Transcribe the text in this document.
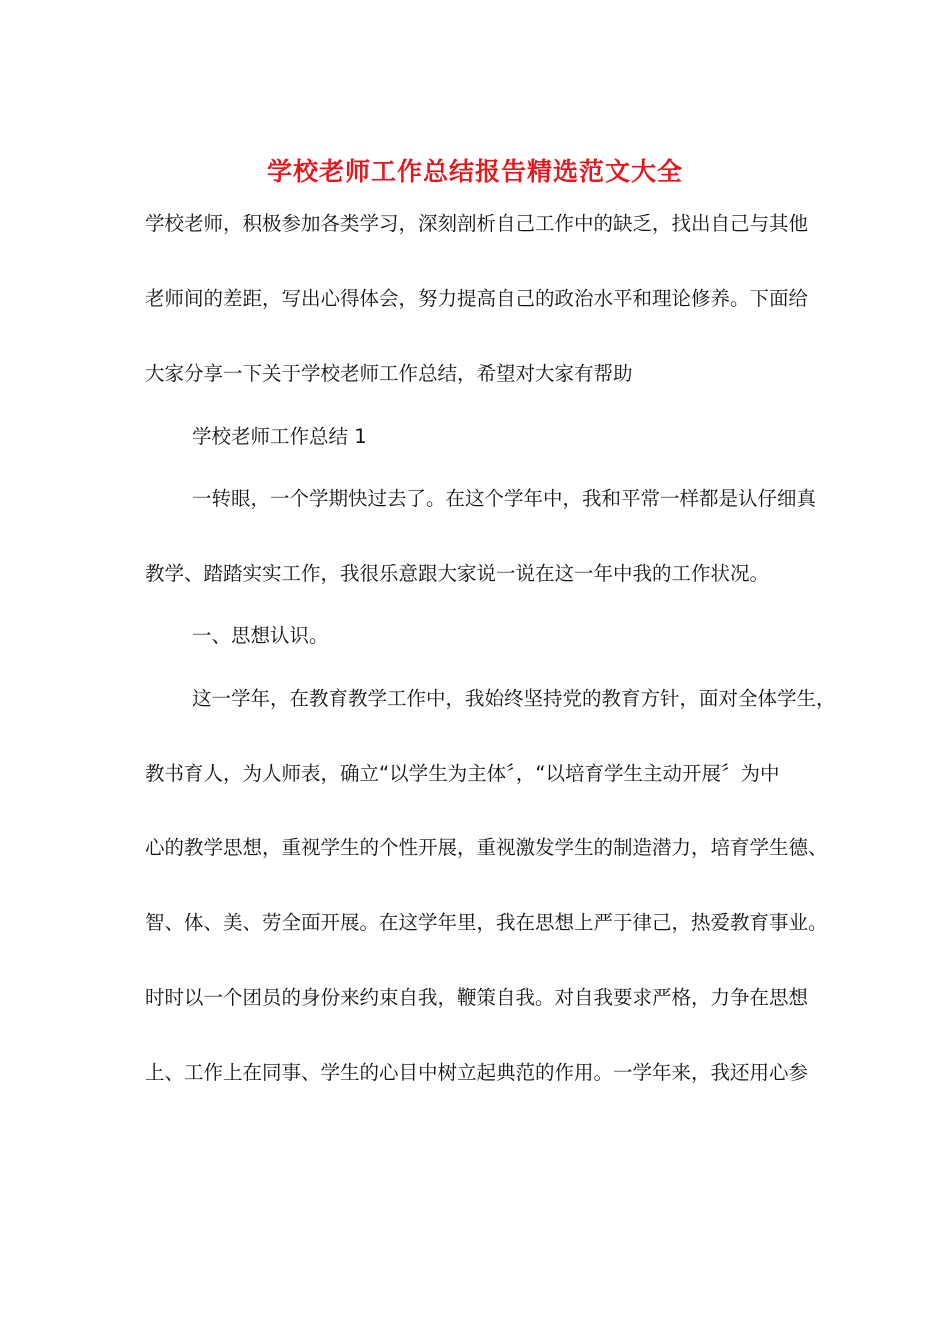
学校老师工作总结报告精选范文大全
学校老师，积极参加各类学习，深刻剖析自己工作中的缺乏，找出自己与其他
老师间的差距，写出心得体会，努力提高自己的政治水平和理论修养。下面给
大家分享一下关于学校老师工作总结，希望对大家有帮助
学校老师工作总结 1
一转眼，一个学期快过去了。在这个学年中，我和平常一样都是认仔细真
教学、踏踏实实工作，我很乐意跟大家说一说在这一年中我的工作状况。
一、思想认识。
这一学年，在教育教学工作中，我始终坚持党的教育方针，面对全体学生，
教书育人，为人师表，确立“以学生为主体〞，“以培育学生主动开展〞为中
心的教学思想，重视学生的个性开展，重视激发学生的制造潜力，培育学生德、
智、体、美、劳全面开展。在这学年里，我在思想上严于律己，热爱教育事业。
时时以一个团员的身份来约束自我，鞭策自我。对自我要求严格，力争在思想
上、工作上在同事、学生的心目中树立起典范的作用。一学年来，我还用心参
